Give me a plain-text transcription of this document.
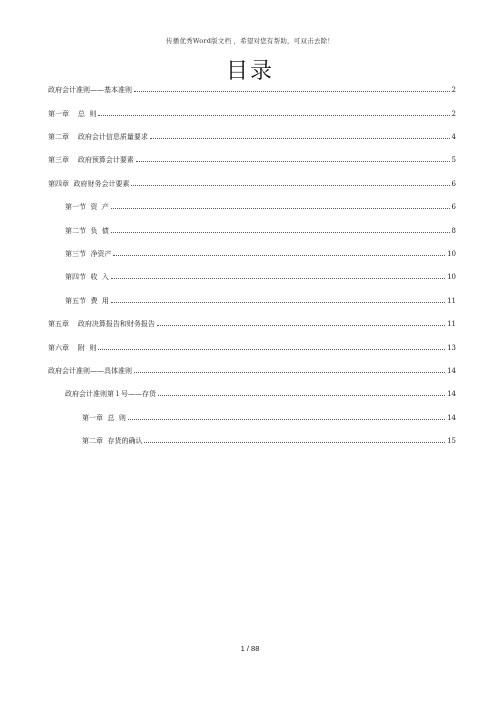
传播优秀Word版文档 ，希望对您有帮助，可双击去除！
目录
政府会计准则——基本准则	2
第一章    总  则	2
第二章    政府会计信息质量要求	4
第三章    政府预算会计要素	5
第四章  政府财务会计要素	6
第一节  资  产	6
第二节  负  债	8
第三节  净资产	10
第四节  收  入	10
第五节  费  用	11
第五章    政府决算报告和财务报告	11
第六章    附  则	13
政府会计准则——具体准则	14
政府会计准则第１号——存货	14
第一章  总  则	14
第二章  存货的确认	15
1 / 88
